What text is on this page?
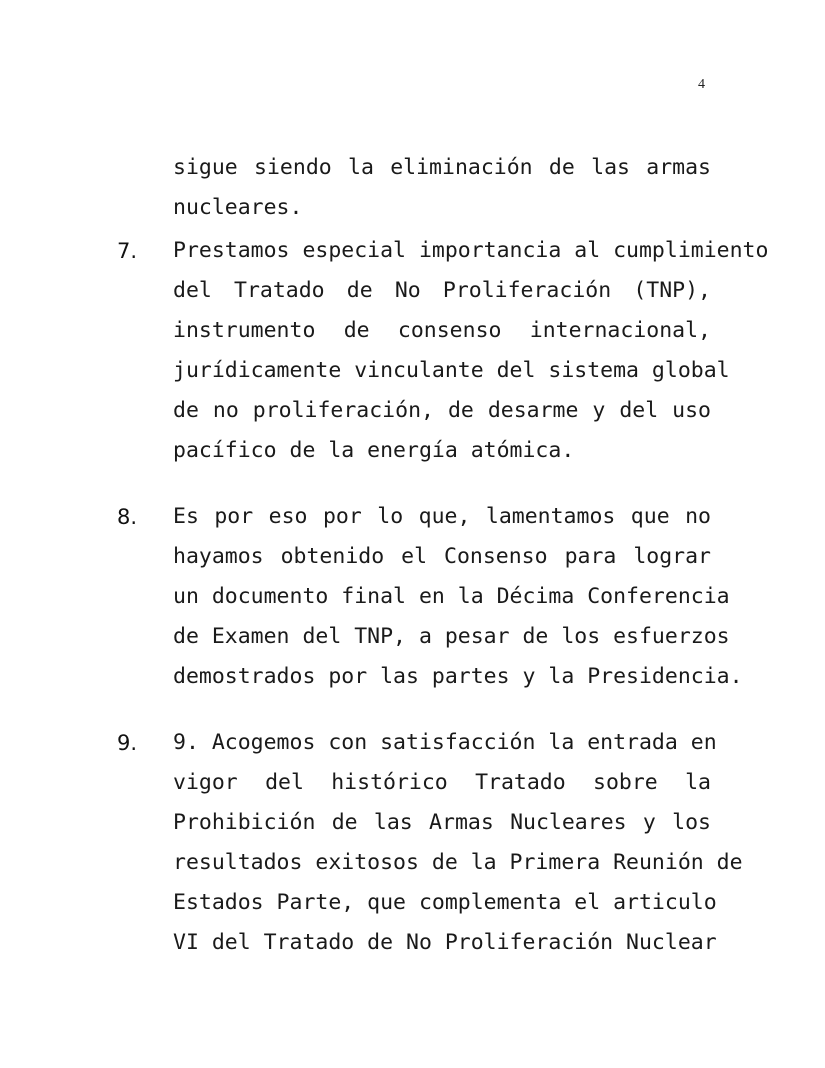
4
sigue siendo la eliminación de las armas
nucleares.
7.	Prestamos especial importancia al cumplimiento
del Tratado de No Proliferación (TNP),
instrumento de consenso internacional,
jurídicamente vinculante del sistema global
de no proliferación, de desarme y del uso
pacífico de la energía atómica.
8.	Es por eso por lo que, lamentamos que no
hayamos obtenido el Consenso para lograr
un documento final en la Décima Conferencia
de Examen del TNP, a pesar de los esfuerzos
demostrados por las partes y la Presidencia.
9.	9. Acogemos con satisfacción la entrada en
vigor del histórico Tratado sobre la
Prohibición de las Armas Nucleares y los
resultados exitosos de la Primera Reunión de
Estados Parte, que complementa el articulo
VI del Tratado de No Proliferación Nuclear
